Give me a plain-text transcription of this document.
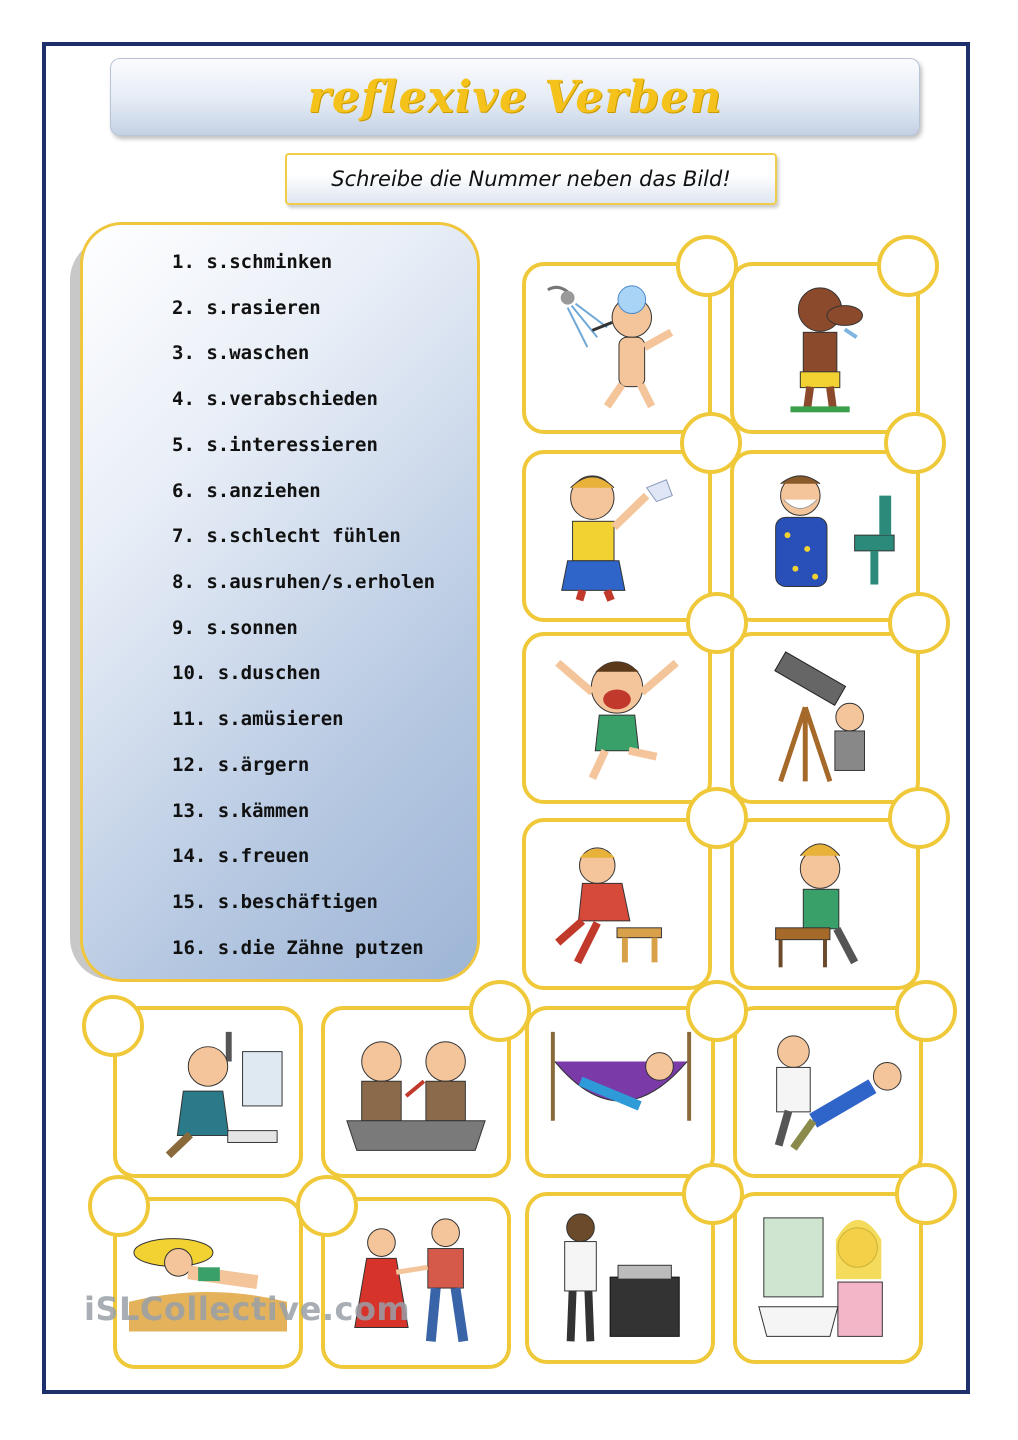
reflexive Verben
Schreibe die Nummer neben das Bild!
1. s.schminken
2. s.rasieren
3. s.waschen
4. s.verabschieden
5. s.interessieren
6. s.anziehen
7. s.schlecht fühlen
8. s.ausruhen/s.erholen
9. s.sonnen
10. s.duschen
11. s.amüsieren
12. s.ärgern
13. s.kämmen
14. s.freuen
15. s.beschäftigen
16. s.die Zähne putzen
iSLCollective.com
